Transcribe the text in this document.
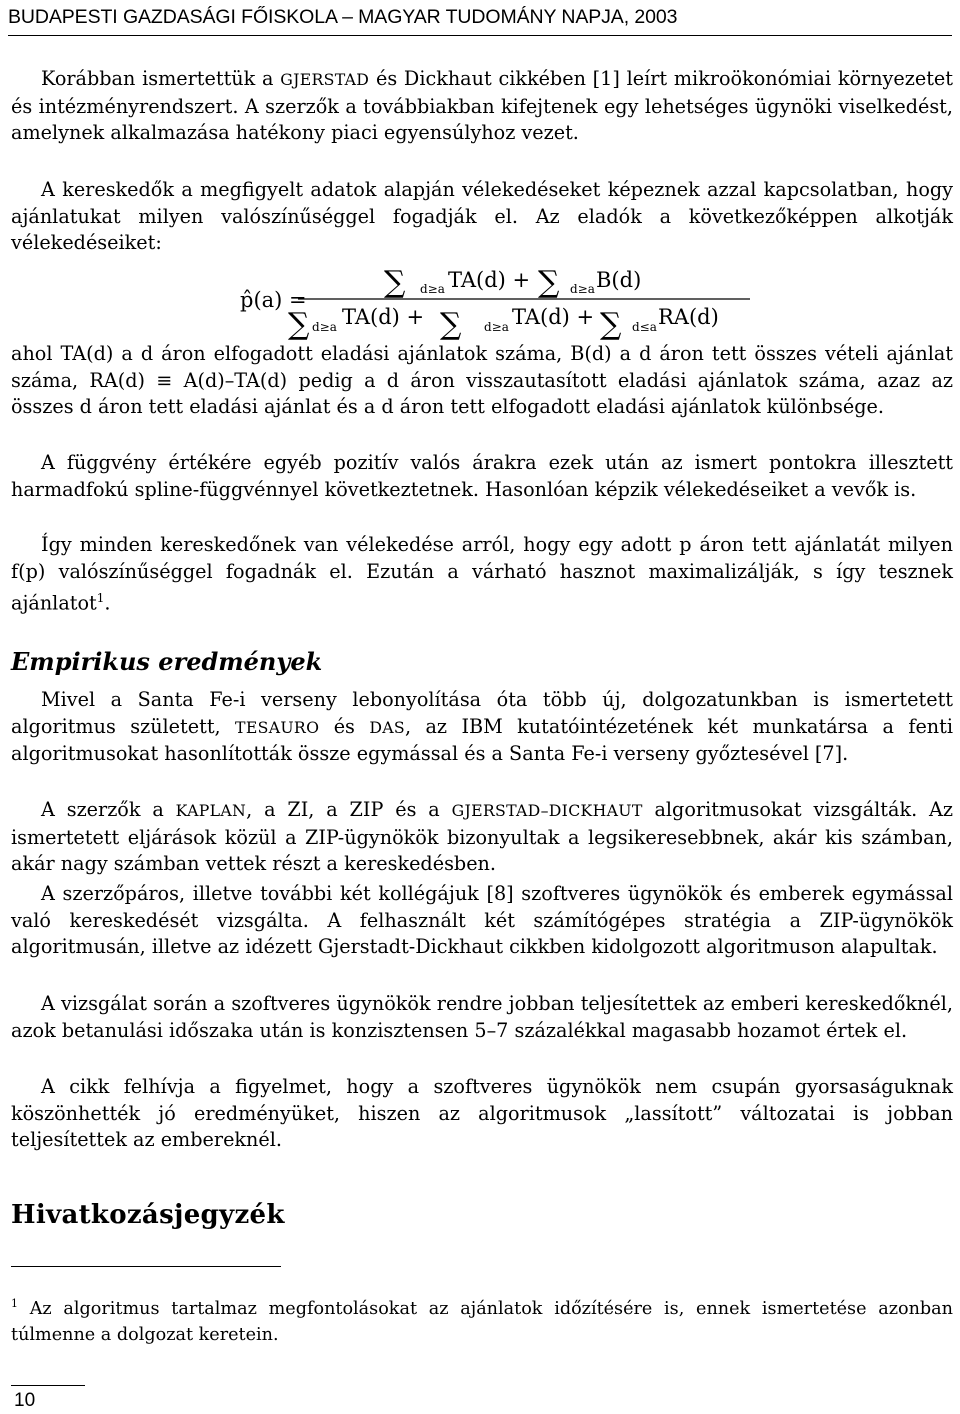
BUDAPESTI GAZDASÁGI FŐISKOLA – MAGYAR TUDOMÁNY NAPJA, 2003

Korábban ismertettük a GJERSTAD és Dickhaut cikkében [1] leírt mikroökonómiai környezetet és intézményrendszert. A szerzők a továbbiakban kifejtenek egy lehetséges ügynöki viselkedést, amelynek alkalmazása hatékony piaci egyensúlyhoz vezet.

A kereskedők a megfigyelt adatok alapján vélekedéseket képeznek azzal kapcsolatban, hogy ajánlatukat milyen valószínűséggel fogadják el. Az eladók a következőképpen alkotják vélekedéseiket:

p̂(a) =	∑ d≥a TA(d) + ∑ d≥a B(d)
∑ d≥a TA(d) + ∑ d≥a TA(d) + ∑ d≤a RA(d)

ahol TA(d) a d áron elfogadott eladási ajánlatok száma, B(d) a d áron tett összes vételi ajánlat száma, RA(d) ≡ A(d)–TA(d) pedig a d áron visszautasított eladási ajánlatok száma, azaz az összes d áron tett eladási ajánlat és a d áron tett elfogadott eladási ajánlatok különbsége.

A függvény értékére egyéb pozitív valós árakra ezek után az ismert pontokra illesztett harmadfokú spline-függvénnyel következtetnek. Hasonlóan képzik vélekedéseiket a vevők is.

Így minden kereskedőnek van vélekedése arról, hogy egy adott p áron tett ajánlatát milyen f(p) valószínűséggel fogadnák el. Ezután a várható hasznot maximalizálják, s így tesznek ajánlatot$^1$.

Empirikus eredmények

Mivel a Santa Fe-i verseny lebonyolítása óta több új, dolgozatunkban is ismertetett algoritmus született, TESAURO és DAS, az IBM kutatóintézetének két munkatársa a fenti algoritmusokat hasonlították össze egymással és a Santa Fe-i verseny győztesével [7].

A szerzők a KAPLAN, a ZI, a ZIP és a GJERSTAD–DICKHAUT algoritmusokat vizsgálták. Az ismertetett eljárások közül a ZIP-ügynökök bizonyultak a legsikeresebbnek, akár kis számban, akár nagy számban vettek részt a kereskedésben.

A szerzőpáros, illetve további két kollégájuk [8] szoftveres ügynökök és emberek egymással való kereskedését vizsgálta. A felhasznált két számítógépes stratégia a ZIP-ügynökök algoritmusán, illetve az idézett Gjerstadt-Dickhaut cikkben kidolgozott algoritmuson alapultak.

A vizsgálat során a szoftveres ügynökök rendre jobban teljesítettek az emberi kereskedőknél, azok betanulási időszaka után is konzisztensen 5–7 százalékkal magasabb hozamot értek el.

A cikk felhívja a figyelmet, hogy a szoftveres ügynökök nem csupán gyorsaságuknak köszönhették jó eredményüket, hiszen az algoritmusok „lassított” változatai is jobban teljesítettek az embereknél.

Hivatkozásjegyzék

$^1$ Az algoritmus tartalmaz megfontolásokat az ajánlatok időzítésére is, ennek ismertetése azonban túlmenne a dolgozat keretein.

10
